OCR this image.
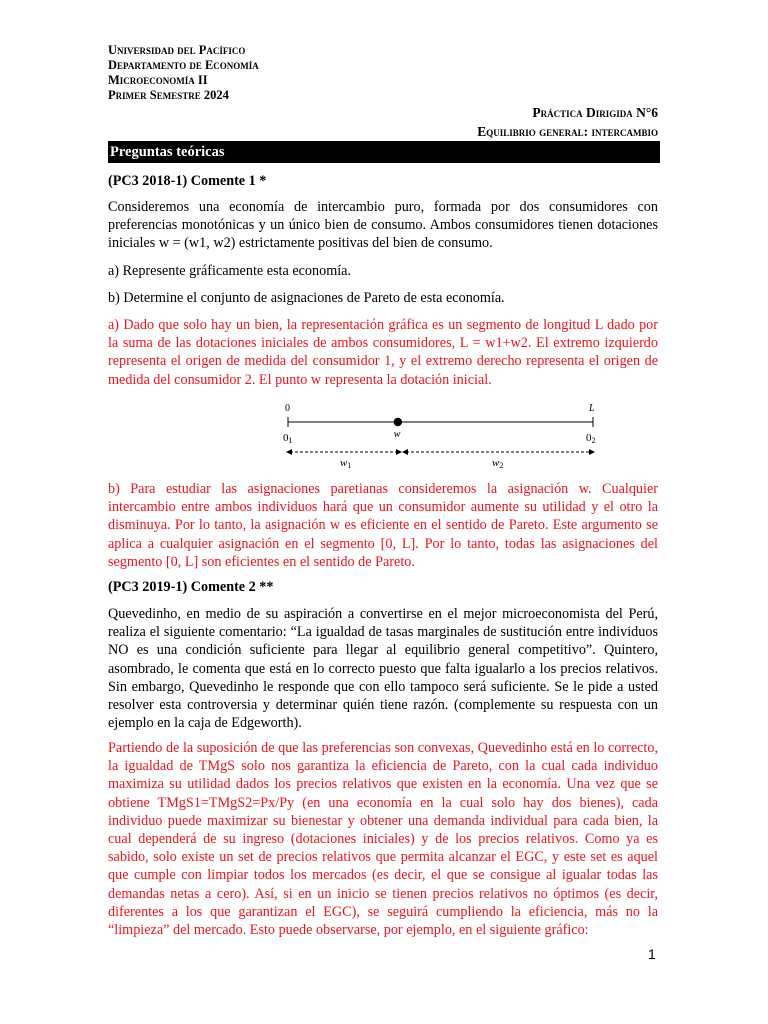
Universidad del Pacífico
Departamento de Economía
Microeconomía II
Primer Semestre 2024
Práctica Dirigida N°6
Equilibrio general: intercambio
Preguntas teóricas
(PC3 2018-1) Comente 1 *
Consideremos una economía de intercambio puro, formada por dos consumidores con preferencias monotónicas y un único bien de consumo. Ambos consumidores tienen dotaciones iniciales w = (w1, w2) estrictamente positivas del bien de consumo.
a) Represente gráficamente esta economía.
b) Determine el conjunto de asignaciones de Pareto de esta economía.
a) Dado que solo hay un bien, la representación gráfica es un segmento de longitud L dado por la suma de las dotaciones iniciales de ambos consumidores, L = w1+w2. El extremo izquierdo representa el origen de medida del consumidor 1, y el extremo derecho representa el origen de medida del consumidor 2. El punto w representa la dotación inicial.
0	L
01	02
w
w1	w2
b) Para estudiar las asignaciones paretianas consideremos la asignación w. Cualquier intercambio entre ambos individuos hará que un consumidor aumente su utilidad y el otro la disminuya. Por lo tanto, la asignación w es eficiente en el sentido de Pareto. Este argumento se aplica a cualquier asignación en el segmento [0, L]. Por lo tanto, todas las asignaciones del segmento [0, L] son eficientes en el sentido de Pareto.
(PC3 2019-1) Comente 2 **
Quevedinho, en medio de su aspiración a convertirse en el mejor microeconomista del Perú, realiza el siguiente comentario: “La igualdad de tasas marginales de sustitución entre individuos NO es una condición suficiente para llegar al equilibrio general competitivo”. Quintero, asombrado, le comenta que está en lo correcto puesto que falta igualarlo a los precios relativos. Sin embargo, Quevedinho le responde que con ello tampoco será suficiente. Se le pide a usted resolver esta controversia y determinar quién tiene razón. (complemente su respuesta con un ejemplo en la caja de Edgeworth).
Partiendo de la suposición de que las preferencias son convexas, Quevedinho está en lo correcto, la igualdad de TMgS solo nos garantiza la eficiencia de Pareto, con la cual cada individuo maximiza su utilidad dados los precios relativos que existen en la economía. Una vez que se obtiene TMgS1=TMgS2=Px/Py (en una economía en la cual solo hay dos bienes), cada individuo puede maximizar su bienestar y obtener una demanda individual para cada bien, la cual dependerá de su ingreso (dotaciones iniciales) y de los precios relativos. Como ya es sabido, solo existe un set de precios relativos que permita alcanzar el EGC, y este set es aquel que cumple con limpiar todos los mercados (es decir, el que se consigue al igualar todas las demandas netas a cero). Así, si en un inicio se tienen precios relativos no óptimos (es decir, diferentes a los que garantizan el EGC), se seguirá cumpliendo la eficiencia, más no la “limpieza” del mercado. Esto puede observarse, por ejemplo, en el siguiente gráfico:
1
